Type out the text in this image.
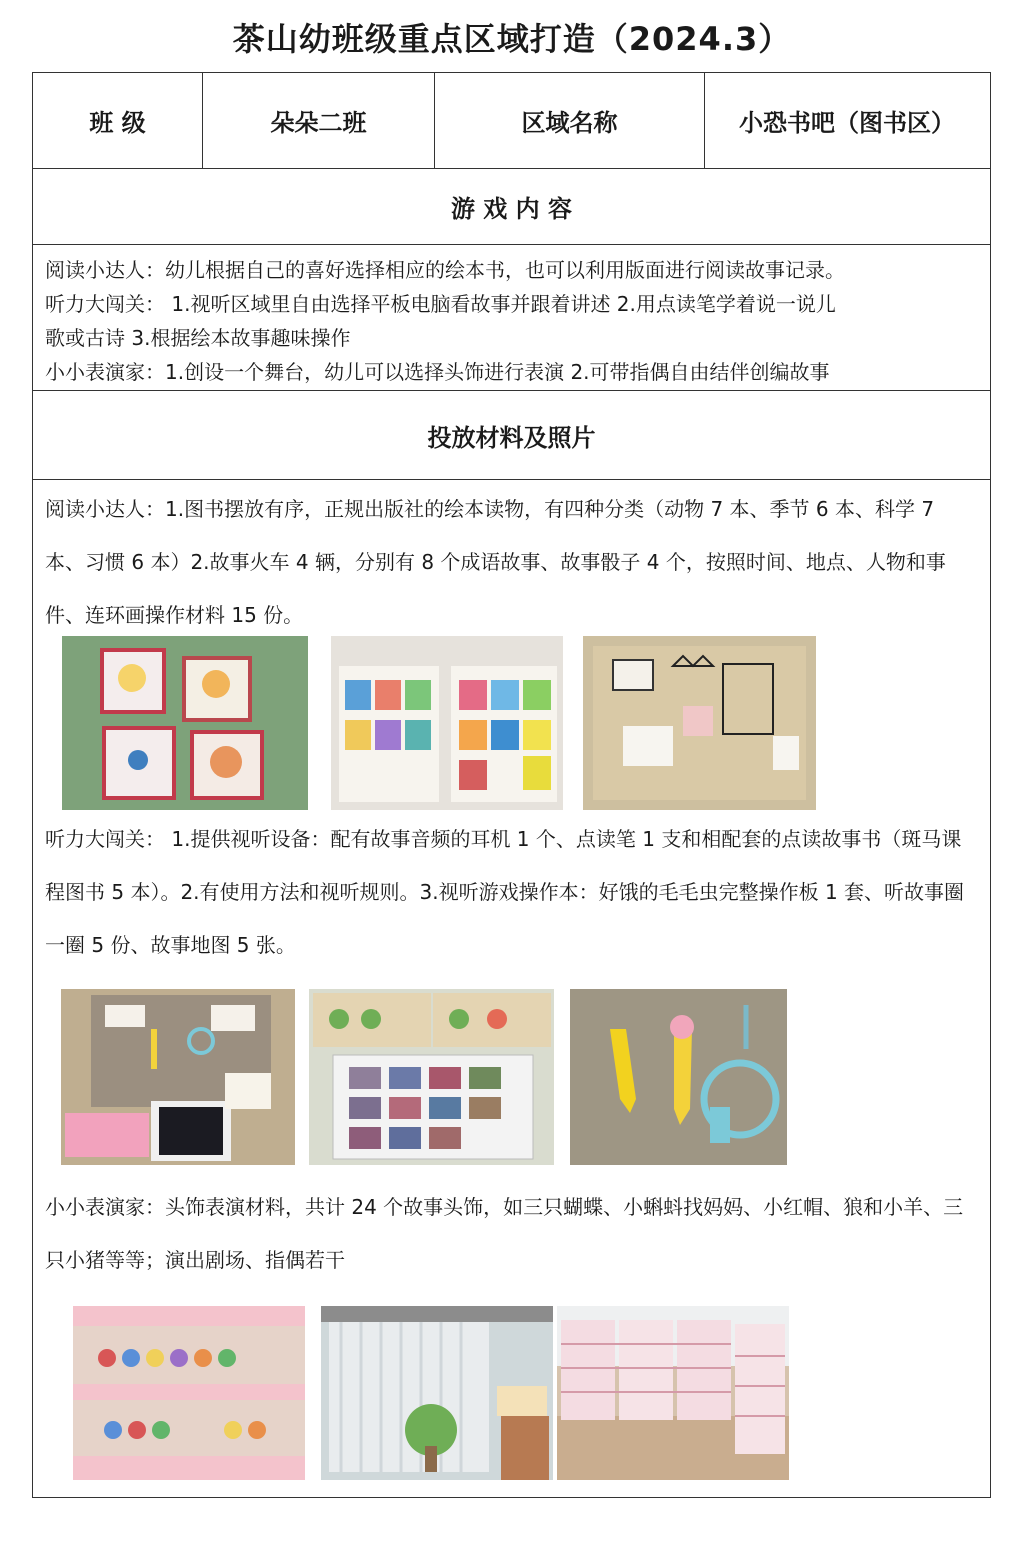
茶山幼班级重点区域打造（2024.3）
班 级	朵朵二班	区域名称	小恐书吧（图书区）
游 戏 内 容

阅读小达人：幼儿根据自己的喜好选择相应的绘本书，也可以利用版面进行阅读故事记录。

听力大闯关： 1.视听区域里自由选择平板电脑看故事并跟着讲述 2.用点读笔学着说一说儿

歌或古诗 3.根据绘本故事趣味操作

小小表演家：1.创设一个舞台，幼儿可以选择头饰进行表演 2.可带指偶自由结伴创编故事

投放材料及照片

阅读小达人：1.图书摆放有序，正规出版社的绘本读物，有四种分类（动物 7 本、季节 6 本、科学 7 本、习惯 6 本）2.故事火车 4 辆，分别有 8 个成语故事、故事骰子 4 个，按照时间、地点、人物和事件、连环画操作材料 15 份。

听力大闯关： 1.提供视听设备：配有故事音频的耳机 1 个、点读笔 1 支和相配套的点读故事书（斑马课程图书 5 本）。2.有使用方法和视听规则。3.视听游戏操作本：好饿的毛毛虫完整操作板 1 套、听故事圈一圈 5 份、故事地图 5 张。

小小表演家：头饰表演材料，共计 24 个故事头饰，如三只蝴蝶、小蝌蚪找妈妈、小红帽、狼和小羊、三只小猪等等；演出剧场、指偶若干
